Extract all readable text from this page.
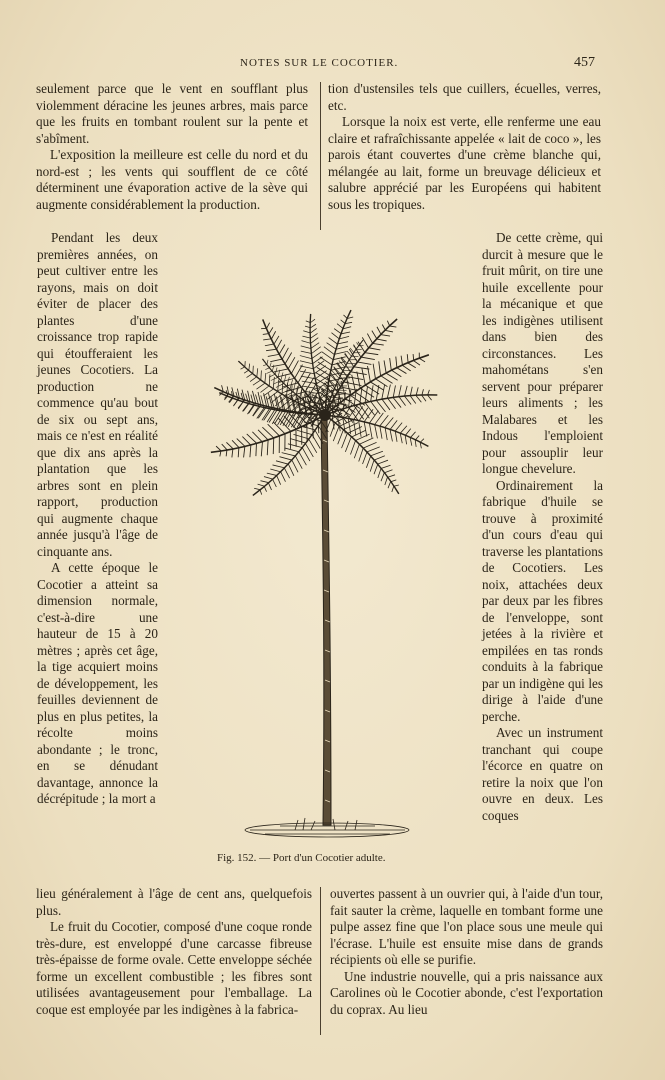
NOTES SUR LE COCOTIER.	457

seulement parce que le vent en soufflant plus violemment déracine les jeunes arbres, mais parce que les fruits en tombant roulent sur la pente et s'abîment.

L'exposition la meilleure est celle du nord et du nord-est ; les vents qui soufflent de ce côté déterminent une évaporation active de la sève qui augmente considérablement la production.

tion d'ustensiles tels que cuillers, écuelles, verres, etc.

Lorsque la noix est verte, elle renferme une eau claire et rafraîchissante appelée « lait de coco », les parois étant couvertes d'une crème blanche qui, mélangée au lait, forme un breuvage délicieux et salubre apprécié par les Européens qui habitent sous les tropiques.

Pendant les deux premières années, on peut cultiver entre les rayons, mais on doit éviter de placer des plantes d'une croissance trop rapide qui étoufferaient les jeunes Cocotiers. La production ne commence qu'au bout de six ou sept ans, mais ce n'est en réalité que dix ans après la plantation que les arbres sont en plein rapport, production qui augmente chaque année jusqu'à l'âge de cinquante ans.

A cette époque le Cocotier a atteint sa dimension normale, c'est-à-dire une hauteur de 15 à 20 mètres ; après cet âge, la tige acquiert moins de développement, les feuilles deviennent de plus en plus petites, la récolte moins abondante ; le tronc, en se dénudant davantage, annonce la décrépitude ; la mort a

De cette crème, qui durcit à mesure que le fruit mûrit, on tire une huile excellente pour la mécanique et que les indigènes utilisent dans bien des circonstances. Les mahométans s'en servent pour préparer leurs aliments ; les Malabares et les Indous l'emploient pour assouplir leur longue chevelure.

Ordinairement la fabrique d'huile se trouve à proximité d'un cours d'eau qui traverse les plantations de Cocotiers. Les noix, attachées deux par deux par les fibres de l'enveloppe, sont jetées à la rivière et empilées en tas ronds conduits à la fabrique par un indigène qui les dirige à l'aide d'une perche.

Avec un instrument tranchant qui coupe l'écorce en quatre on retire la noix que l'on ouvre en deux. Les coques

Fig. 152. — Port d'un Cocotier adulte.

lieu généralement à l'âge de cent ans, quelquefois plus.

Le fruit du Cocotier, composé d'une coque ronde très-dure, est enveloppé d'une carcasse fibreuse très-épaisse de forme ovale. Cette enveloppe séchée forme un excellent combustible ; les fibres sont utilisées avantageusement pour l'emballage. La coque est employée par les indigènes à la fabrica-

ouvertes passent à un ouvrier qui, à l'aide d'un tour, fait sauter la crème, laquelle en tombant forme une pulpe assez fine que l'on place sous une meule qui l'écrase. L'huile est ensuite mise dans de grands récipients où elle se purifie.

Une industrie nouvelle, qui a pris naissance aux Carolines où le Cocotier abonde, c'est l'exportation du coprax. Au lieu
